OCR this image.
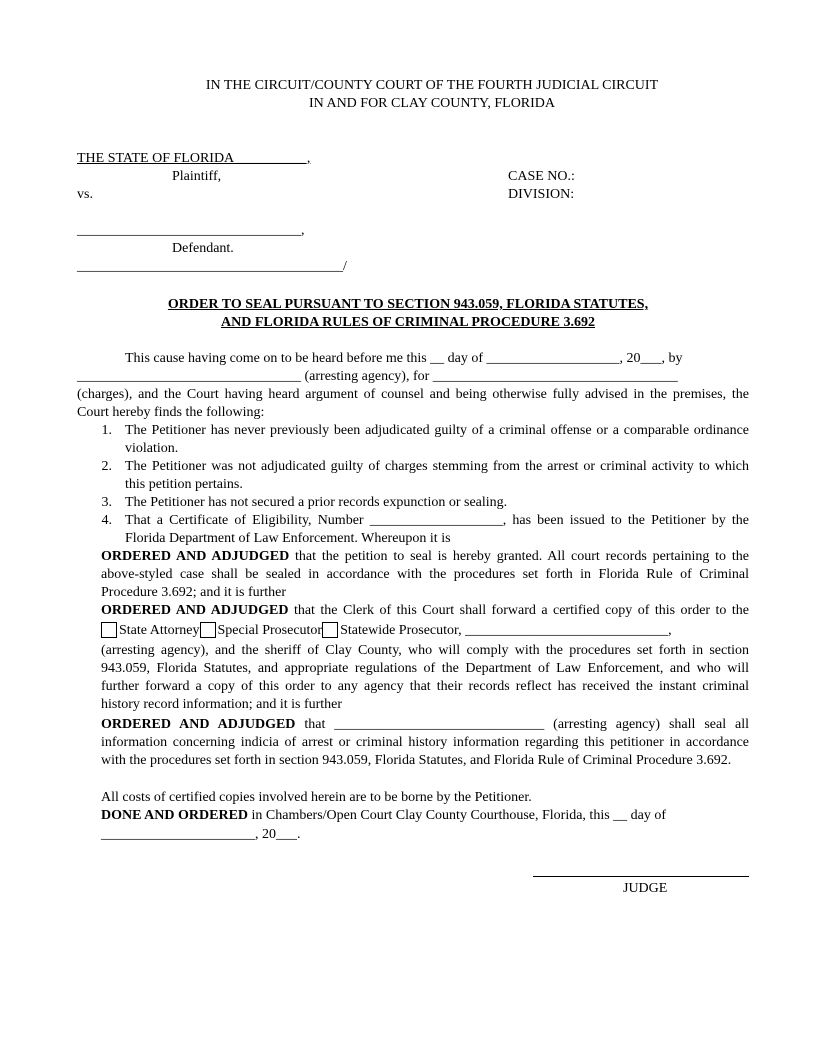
IN THE CIRCUIT/COUNTY COURT OF THE FOURTH JUDICIAL CIRCUIT
IN AND FOR CLAY COUNTY, FLORIDA
THE STATE OF FLORIDA __________,
Plaintiff,
vs.
CASE NO.:
DIVISION:
________________________________,
Defendant.
______________________________________/
ORDER TO SEAL PURSUANT TO SECTION 943.059, FLORIDA STATUTES,
AND FLORIDA RULES OF CRIMINAL PROCEDURE 3.692
This cause having come on to be heard before me this __ day of ___________________, 20___, by
________________________________ (arresting agency), for ___________________________________
(charges), and the Court having heard argument of counsel and being otherwise fully advised in the premises, the
Court hereby finds the following:
1. The Petitioner has never previously been adjudicated guilty of a criminal offense or a comparable ordinance
violation.
2. The Petitioner was not adjudicated guilty of charges stemming from the arrest or criminal activity to which
this petition pertains.
3. The Petitioner has not secured a prior records expunction or sealing.
4. That a Certificate of Eligibility, Number ___________________, has been issued to the Petitioner by the
Florida Department of Law Enforcement. Whereupon it is
ORDERED AND ADJUDGED that the petition to seal is hereby granted. All court records pertaining to the
above-styled case shall be sealed in accordance with the procedures set forth in Florida Rule of Criminal
Procedure 3.692; and it is further
ORDERED AND ADJUDGED that the Clerk of this Court shall forward a certified copy of this order to the
State Attorney Special Prosecutor Statewide Prosecutor, _____________________________,
(arresting agency), and the sheriff of Clay County, who will comply with the procedures set forth in section
943.059, Florida Statutes, and appropriate regulations of the Department of Law Enforcement, and who will
further forward a copy of this order to any agency that their records reflect has received the instant criminal
history record information; and it is further
ORDERED AND ADJUDGED that ______________________________ (arresting agency) shall seal all
information concerning indicia of arrest or criminal history information regarding this petitioner in accordance
with the procedures set forth in section 943.059, Florida Statutes, and Florida Rule of Criminal Procedure 3.692.
All costs of certified copies involved herein are to be borne by the Petitioner.
DONE AND ORDERED in Chambers/Open Court Clay County Courthouse, Florida, this __ day of
______________________, 20___.
JUDGE
